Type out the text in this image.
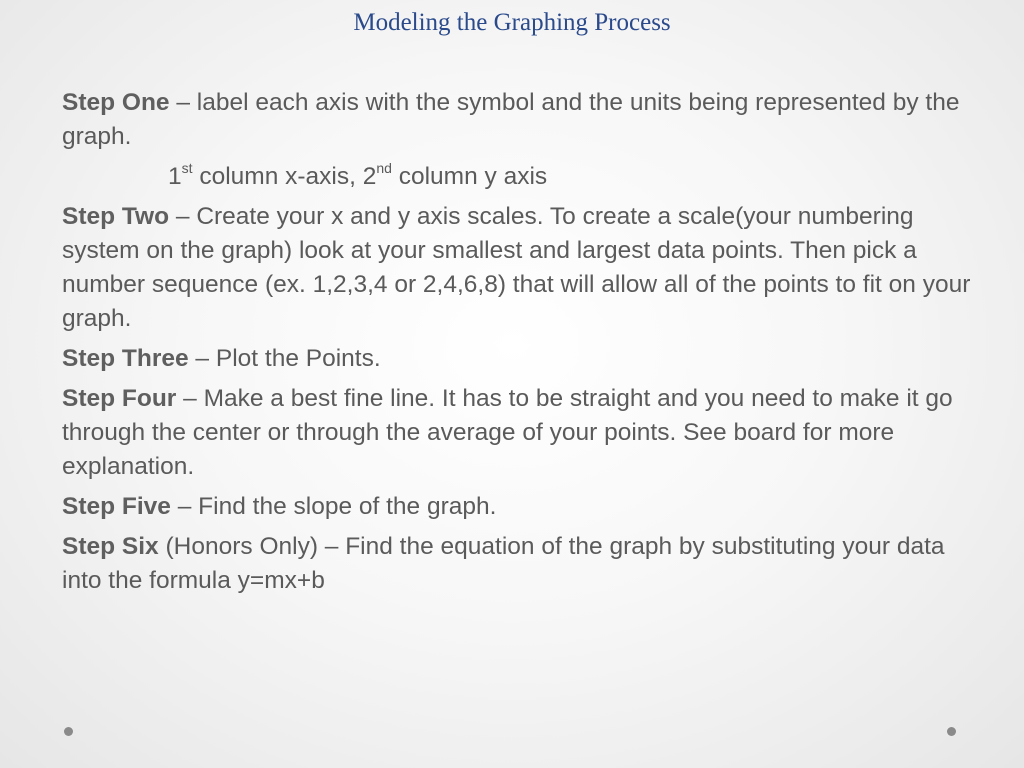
Modeling the Graphing Process

Step One – label each axis with the symbol and the units being represented by the graph.

1st column x-axis, 2nd column y axis

Step Two – Create your x and y axis scales. To create a scale(your numbering system on the graph) look at your smallest and largest data points. Then pick a number sequence (ex. 1,2,3,4 or 2,4,6,8) that will allow all of the points to fit on your graph.

Step Three – Plot the Points.

Step Four – Make a best fine line. It has to be straight and you need to make it go through the center or through the average of your points. See board for more explanation.

Step Five – Find the slope of the graph.

Step Six (Honors Only) – Find the equation of the graph by substituting your data into the formula y=mx+b
